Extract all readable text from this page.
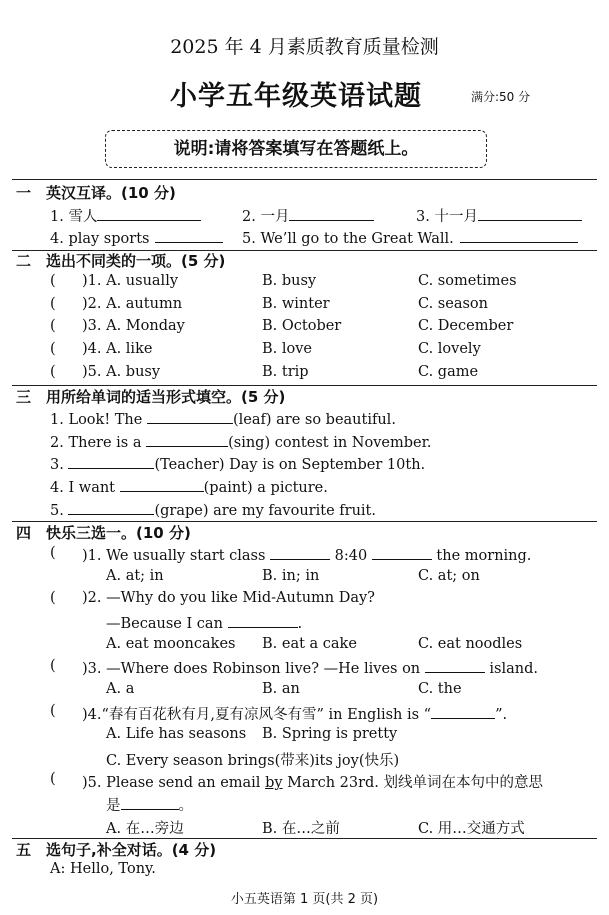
2025 年 4 月素质教育质量检测
小学五年级英语试题	满分:50 分
说明:请将答案填写在答题纸上。
一 英汉互译。(10 分)
1. 雪人	2. 一月	3. 十一月
4. play sports	5. We’ll go to the Great Wall.
二 选出不同类的一项。(5 分)
( )1. A. usually	B. busy	C. sometimes
( )2. A. autumn	B. winter	C. season
( )3. A. Monday	B. October	C. December
( )4. A. like	B. love	C. lovely
( )5. A. busy	B. trip	C. game
三 用所给单词的适当形式填空。(5 分)
1. Look! The	(leaf) are so beautiful.
2. There is a	(sing) contest in November.
3.	(Teacher) Day is on September 10th.
4. I want	(paint) a picture.
5.	(grape) are my favourite fruit.
四 快乐三选一。(10 分)
( )1. We usually start class	8:40	the morning.
A. at; in	B. in; in	C. at; on
( )2. —Why do you like Mid-Autumn Day?
—Because I can	.
A. eat mooncakes B. eat a cake	C. eat noodles
( )3. —Where does Robinson live? —He lives on	island.
A. a	B. an	C. the
( )4.“春有百花秋有月,夏有凉风冬有雪” in English is “	”.
A. Life has seasons B. Spring is pretty
C. Every season brings(带来)its joy(快乐)
( )5. Please send an email by March 23rd. 划线单词在本句中的意思
是	。
A. 在…旁边	B. 在…之前	C. 用…交通方式
五 选句子,补全对话。(4 分)
A: Hello, Tony.
小五英语第 1 页(共 2 页)
